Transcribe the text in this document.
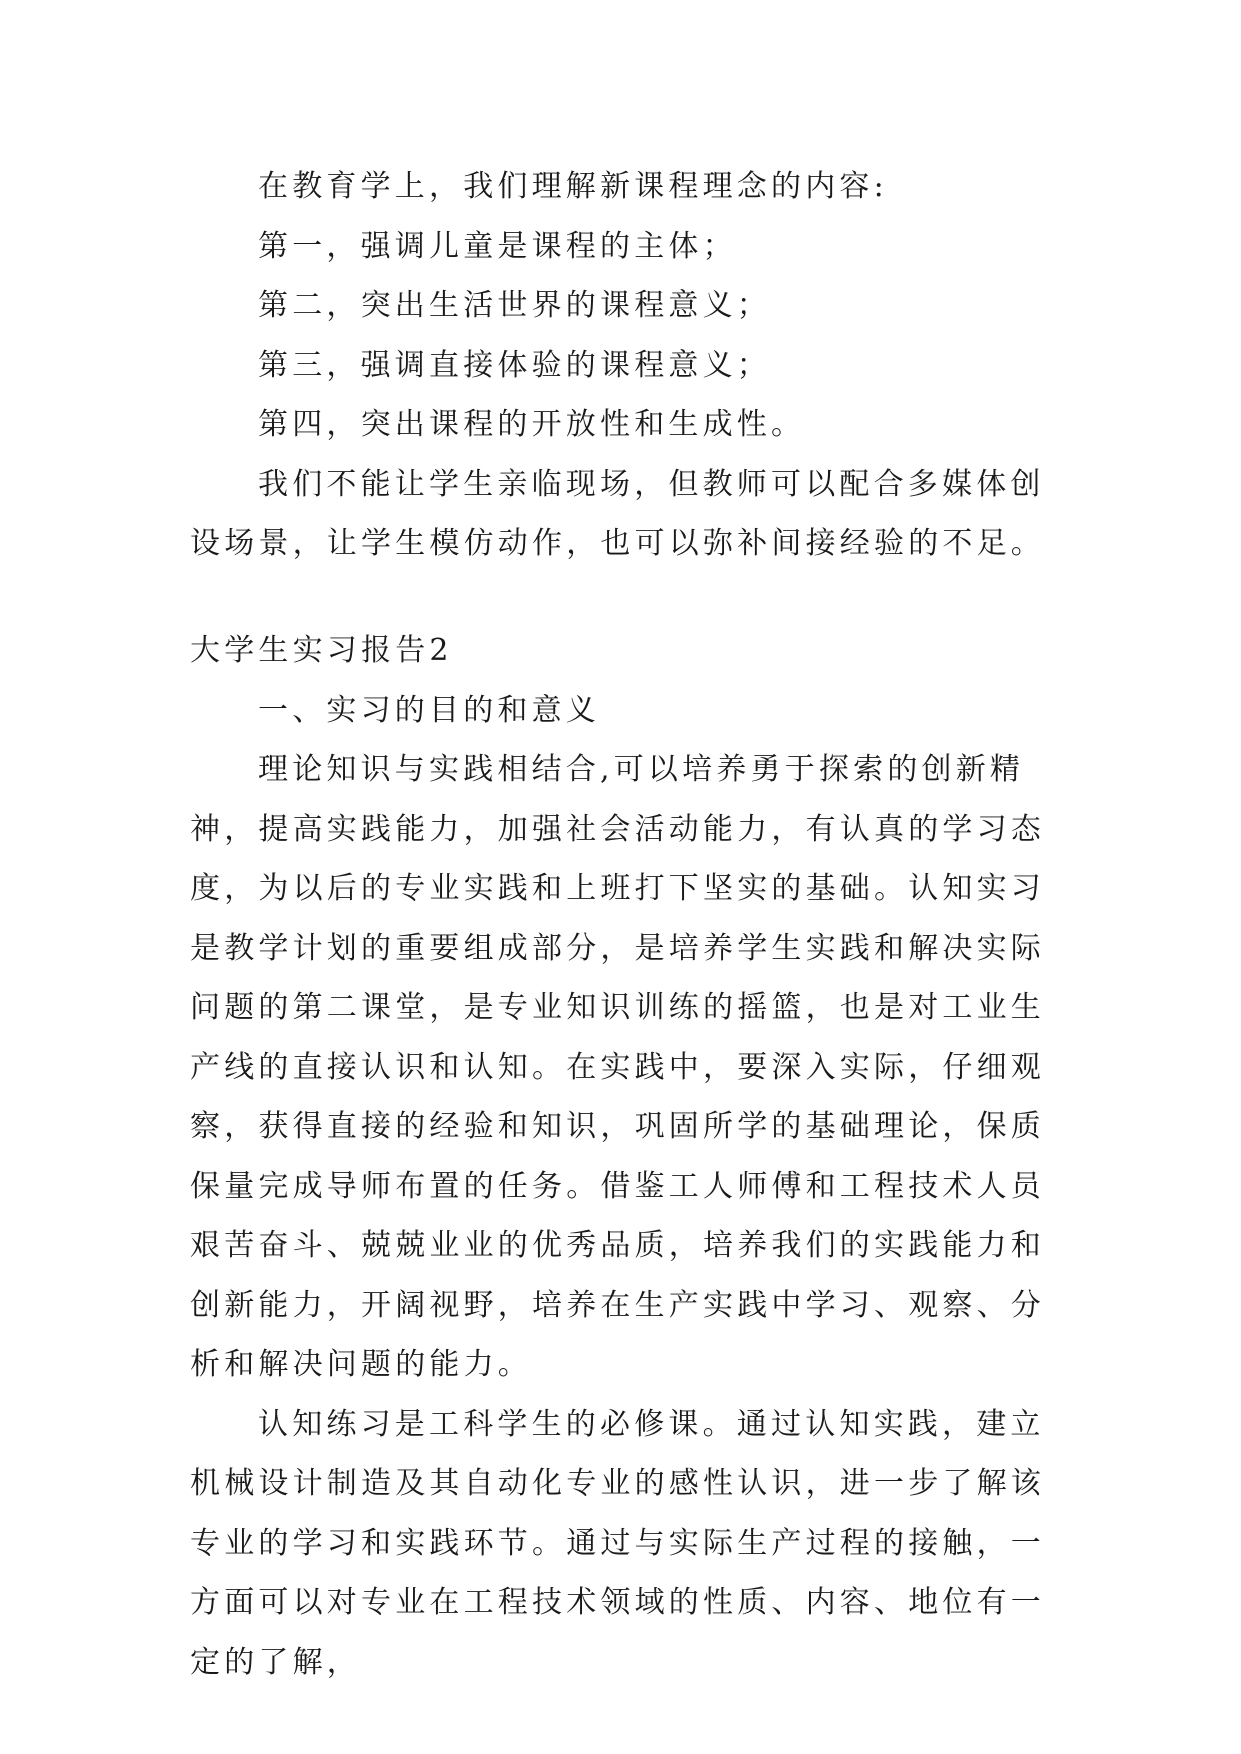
在教育学上，我们理解新课程理念的内容:

第一，强调儿童是课程的主体；

第二，突出生活世界的课程意义；

第三，强调直接体验的课程意义；

第四，突出课程的开放性和生成性。

我们不能让学生亲临现场，但教师可以配合多媒体创设场景，让学生模仿动作，也可以弥补间接经验的不足。

大学生实习报告2

一、实习的目的和意义

理论知识与实践相结合,可以培养勇于探索的创新精神，提高实践能力，加强社会活动能力，有认真的学习态度，为以后的专业实践和上班打下坚实的基础。认知实习是教学计划的重要组成部分，是培养学生实践和解决实际问题的第二课堂，是专业知识训练的摇篮，也是对工业生产线的直接认识和认知。在实践中，要深入实际，仔细观察，获得直接的经验和知识，巩固所学的基础理论，保质保量完成导师布置的任务。借鉴工人师傅和工程技术人员艰苦奋斗、兢兢业业的优秀品质，培养我们的实践能力和创新能力，开阔视野，培养在生产实践中学习、观察、分析和解决问题的能力。

认知练习是工科学生的必修课。通过认知实践，建立机械设计制造及其自动化专业的感性认识，进一步了解该专业的学习和实践环节。通过与实际生产过程的接触，一方面可以对专业在工程技术领域的性质、内容、地位有一定的了解，
